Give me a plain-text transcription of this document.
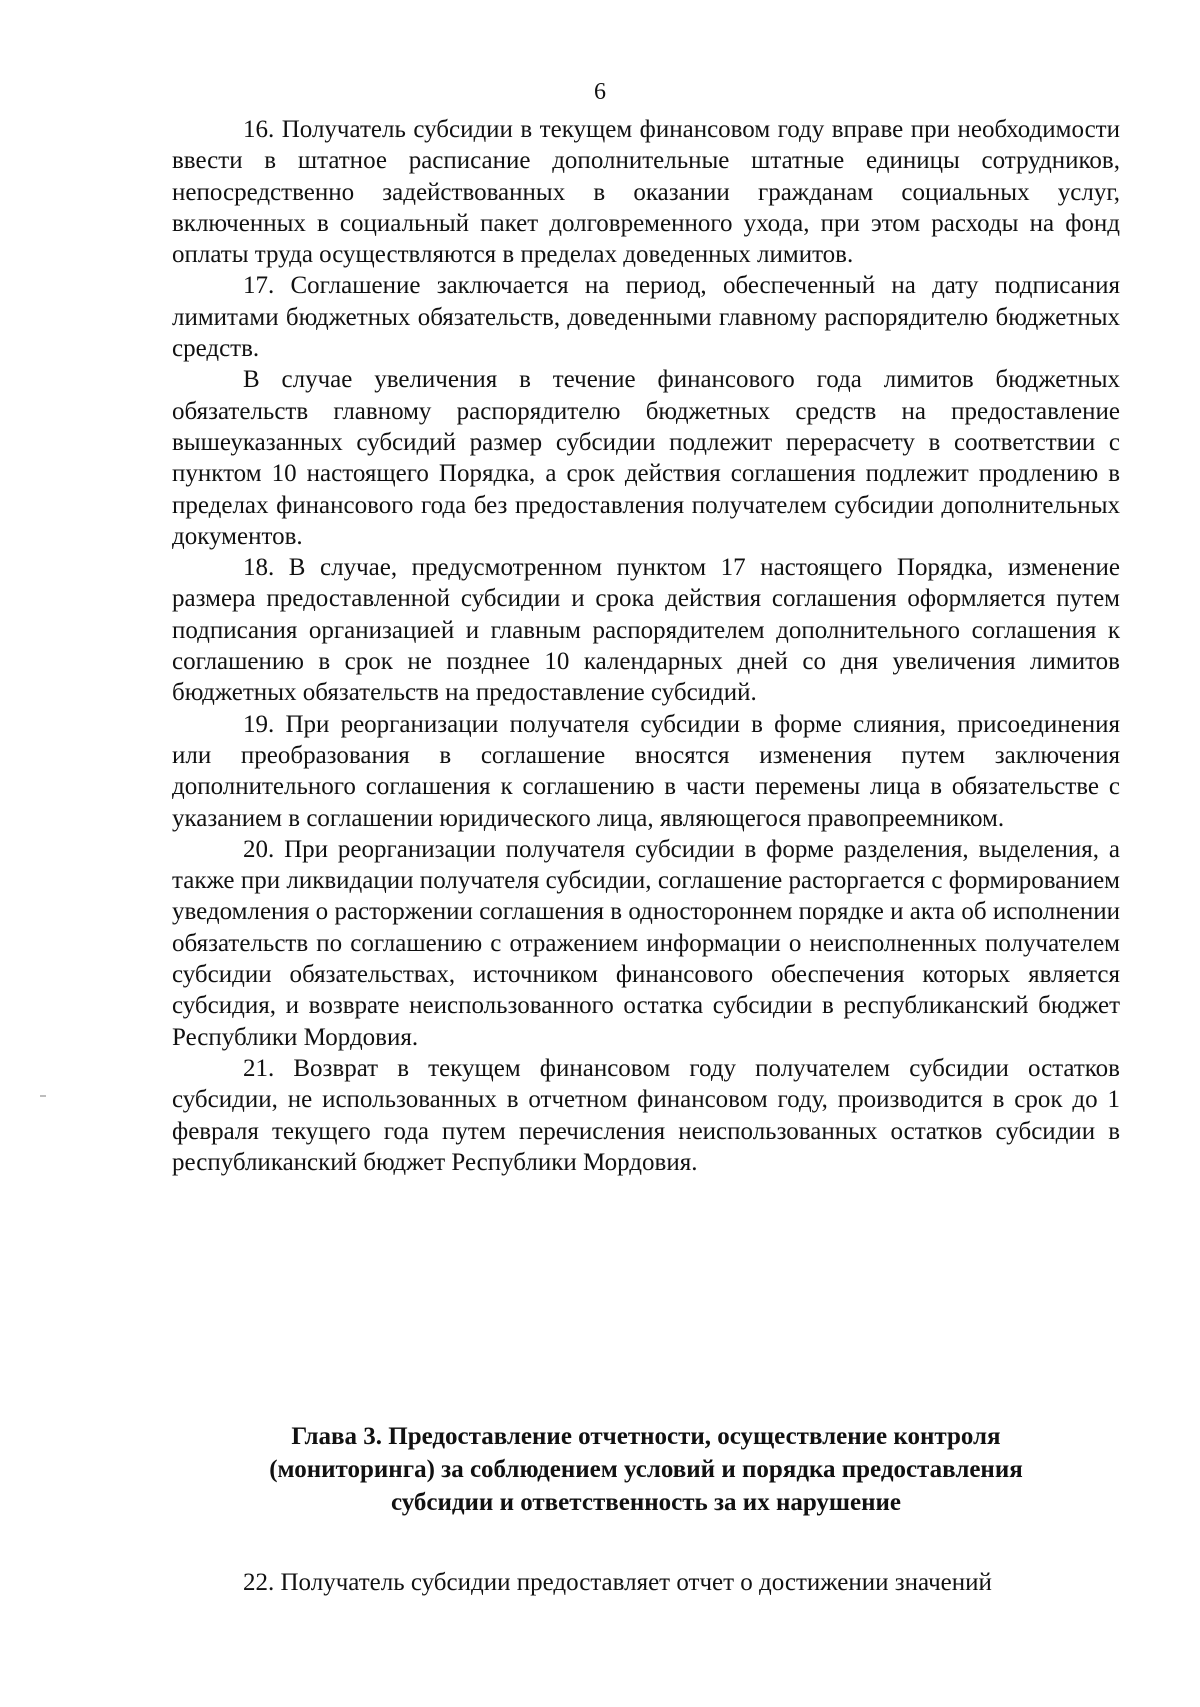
6

16. Получатель субсидии в текущем финансовом году вправе при необходимости ввести в штатное расписание дополнительные штатные единицы сотрудников, непосредственно задействованных в оказании гражданам социальных услуг, включенных в социальный пакет долговременного ухода, при этом расходы на фонд оплаты труда осуществляются в пределах доведенных лимитов.

17. Соглашение заключается на период, обеспеченный на дату подписания лимитами бюджетных обязательств, доведенными главному распорядителю бюджетных средств.

В случае увеличения в течение финансового года лимитов бюджетных обязательств главному распорядителю бюджетных средств на предоставление вышеуказанных субсидий размер субсидии подлежит перерасчету в соответствии с пунктом 10 настоящего Порядка, а срок действия соглашения подлежит продлению в пределах финансового года без предоставления получателем субсидии дополнительных документов.

18. В случае, предусмотренном пунктом 17 настоящего Порядка, изменение размера предоставленной субсидии и срока действия соглашения оформляется путем подписания организацией и главным распорядителем дополнительного соглашения к соглашению в срок не позднее 10 календарных дней со дня увеличения лимитов бюджетных обязательств на предоставление субсидий.

19. При реорганизации получателя субсидии в форме слияния, присоединения или преобразования в соглашение вносятся изменения путем заключения дополнительного соглашения к соглашению в части перемены лица в обязательстве с указанием в соглашении юридического лица, являющегося правопреемником.

20. При реорганизации получателя субсидии в форме разделения, выделения, а также при ликвидации получателя субсидии, соглашение расторгается с формированием уведомления о расторжении соглашения в одностороннем порядке и акта об исполнении обязательств по соглашению с отражением информации о неисполненных получателем субсидии обязательствах, источником финансового обеспечения которых является субсидия, и возврате неиспользованного остатка субсидии в республиканский бюджет Республики Мордовия.

21. Возврат в текущем финансовом году получателем субсидии остатков субсидии, не использованных в отчетном финансовом году, производится в срок до 1 февраля текущего года путем перечисления неиспользованных остатков субсидии в республиканский бюджет Республики Мордовия.

Глава 3. Предоставление отчетности, осуществление контроля
(мониторинга) за соблюдением условий и порядка предоставления
субсидии и ответственность за их нарушение

22. Получатель субсидии предоставляет отчет о достижении значений
